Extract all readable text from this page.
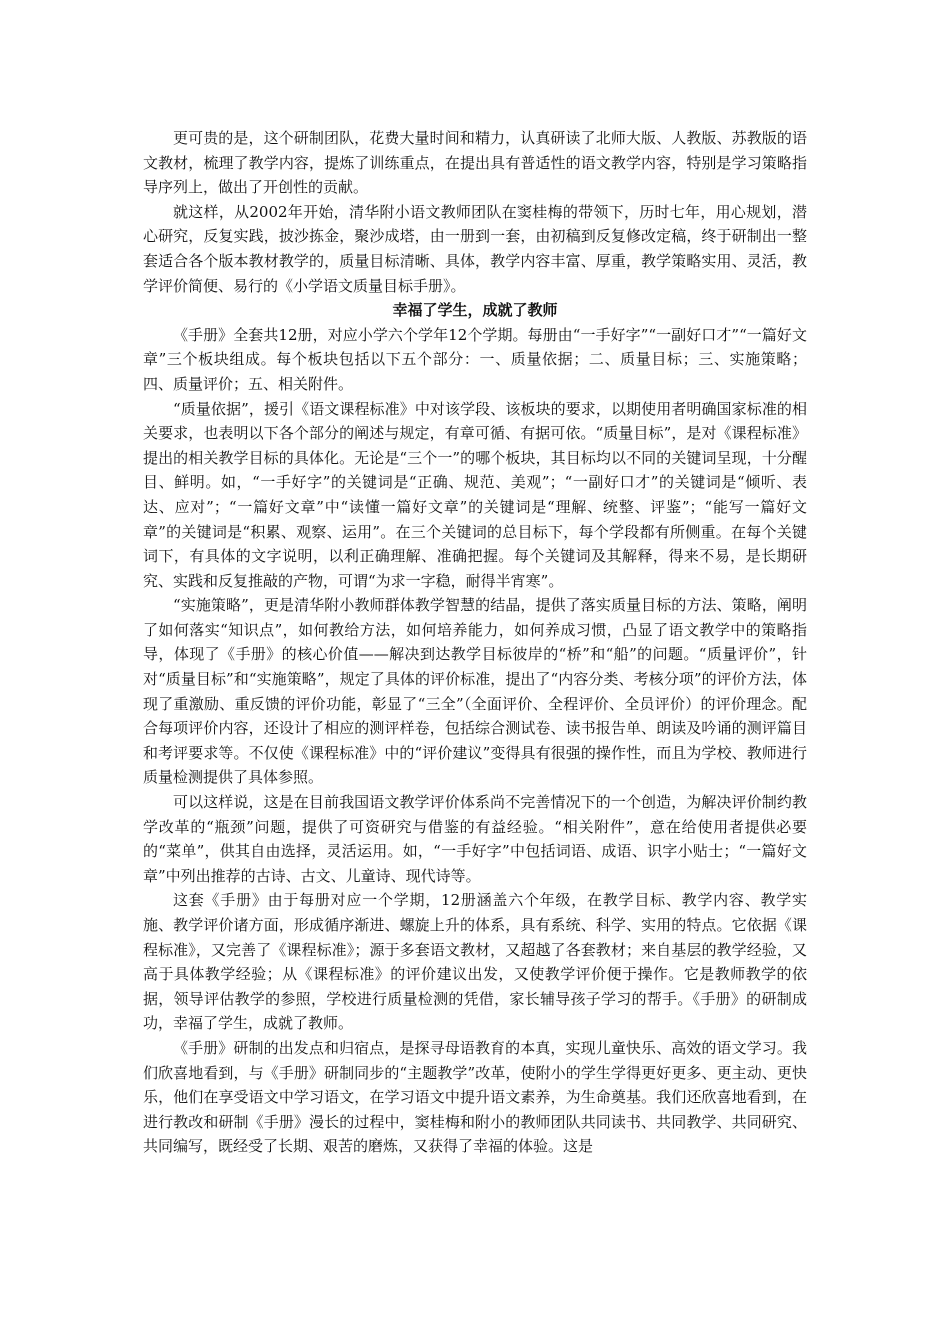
更可贵的是，这个研制团队，花费大量时间和精力，认真研读了北师大版、人教版、苏教版的语文教材，梳理了教学内容，提炼了训练重点，在提出具有普适性的语文教学内容，特别是学习策略指导序列上，做出了开创性的贡献。

就这样，从2002年开始，清华附小语文教师团队在窦桂梅的带领下，历时七年，用心规划，潜心研究，反复实践，披沙拣金，聚沙成塔，由一册到一套，由初稿到反复修改定稿，终于研制出一整套适合各个版本教材教学的，质量目标清晰、具体，教学内容丰富、厚重，教学策略实用、灵活，教学评价简便、易行的《小学语文质量目标手册》。

幸福了学生，成就了教师

《手册》全套共12册，对应小学六个学年12个学期。每册由“一手好字”“一副好口才”“一篇好文章”三个板块组成。每个板块包括以下五个部分：一、质量依据；二、质量目标；三、实施策略；四、质量评价；五、相关附件。

“质量依据”，援引《语文课程标准》中对该学段、该板块的要求，以期使用者明确国家标准的相关要求，也表明以下各个部分的阐述与规定，有章可循、有据可依。“质量目标”，是对《课程标准》提出的相关教学目标的具体化。无论是“三个一”的哪个板块，其目标均以不同的关键词呈现，十分醒目、鲜明。如，“一手好字”的关键词是“正确、规范、美观”；“一副好口才”的关键词是“倾听、表达、应对”；“一篇好文章”中“读懂一篇好文章”的关键词是“理解、统整、评鉴”；“能写一篇好文章”的关键词是“积累、观察、运用”。在三个关键词的总目标下，每个学段都有所侧重。在每个关键词下，有具体的文字说明，以利正确理解、准确把握。每个关键词及其解释，得来不易，是长期研究、实践和反复推敲的产物，可谓“为求一字稳，耐得半宵寒”。

“实施策略”，更是清华附小教师群体教学智慧的结晶，提供了落实质量目标的方法、策略，阐明了如何落实“知识点”，如何教给方法，如何培养能力，如何养成习惯，凸显了语文教学中的策略指导，体现了《手册》的核心价值——解决到达教学目标彼岸的“桥”和“船”的问题。“质量评价”，针对“质量目标”和“实施策略”，规定了具体的评价标准，提出了“内容分类、考核分项”的评价方法，体现了重激励、重反馈的评价功能，彰显了“三全”（全面评价、全程评价、全员评价）的评价理念。配合每项评价内容，还设计了相应的测评样卷，包括综合测试卷、读书报告单、朗读及吟诵的测评篇目和考评要求等。不仅使《课程标准》中的“评价建议”变得具有很强的操作性，而且为学校、教师进行质量检测提供了具体参照。

可以这样说，这是在目前我国语文教学评价体系尚不完善情况下的一个创造，为解决评价制约教学改革的“瓶颈”问题，提供了可资研究与借鉴的有益经验。“相关附件”，意在给使用者提供必要的“菜单”，供其自由选择，灵活运用。如，“一手好字”中包括词语、成语、识字小贴士；“一篇好文章”中列出推荐的古诗、古文、儿童诗、现代诗等。

这套《手册》由于每册对应一个学期，12册涵盖六个年级，在教学目标、教学内容、教学实施、教学评价诸方面，形成循序渐进、螺旋上升的体系，具有系统、科学、实用的特点。它依据《课程标准》，又完善了《课程标准》；源于多套语文教材，又超越了各套教材；来自基层的教学经验，又高于具体教学经验；从《课程标准》的评价建议出发，又使教学评价便于操作。它是教师教学的依据，领导评估教学的参照，学校进行质量检测的凭借，家长辅导孩子学习的帮手。《手册》的研制成功，幸福了学生，成就了教师。

《手册》研制的出发点和归宿点，是探寻母语教育的本真，实现儿童快乐、高效的语文学习。我们欣喜地看到，与《手册》研制同步的“主题教学”改革，使附小的学生学得更好更多、更主动、更快乐，他们在享受语文中学习语文，在学习语文中提升语文素养，为生命奠基。我们还欣喜地看到，在进行教改和研制《手册》漫长的过程中，窦桂梅和附小的教师团队共同读书、共同教学、共同研究、共同编写，既经受了长期、艰苦的磨炼，又获得了幸福的体验。这是
